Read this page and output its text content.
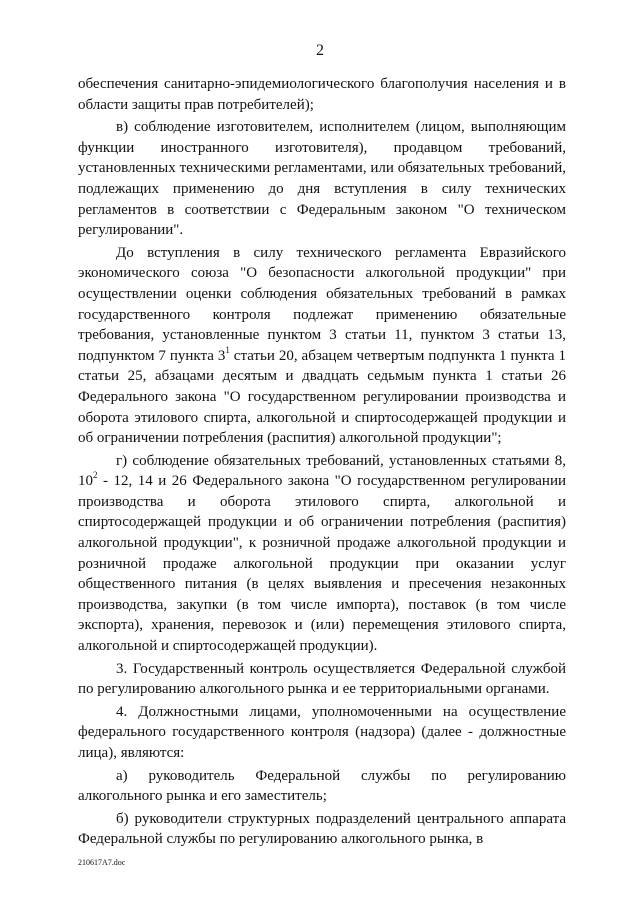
2

обеспечения санитарно-эпидемиологического благополучия населения и в области защиты прав потребителей);

в) соблюдение изготовителем, исполнителем (лицом, выполняющим функции иностранного изготовителя), продавцом требований, установленных техническими регламентами, или обязательных требований, подлежащих применению до дня вступления в силу технических регламентов в соответствии с Федеральным законом "О техническом регулировании".

До вступления в силу технического регламента Евразийского экономического союза "О безопасности алкогольной продукции" при осуществлении оценки соблюдения обязательных требований в рамках государственного контроля подлежат применению обязательные требования, установленные пунктом 3 статьи 11, пунктом 3 статьи 13, подпунктом 7 пункта $3^1$ статьи 20, абзацем четвертым подпункта 1 пункта 1 статьи 25, абзацами десятым и двадцать седьмым пункта 1 статьи 26 Федерального закона "О государственном регулировании производства и оборота этилового спирта, алкогольной и спиртосодержащей продукции и об ограничении потребления (распития) алкогольной продукции";

г) соблюдение обязательных требований, установленных статьями 8, $10^2 - 12$, 14 и 26 Федерального закона "О государственном регулировании производства и оборота этилового спирта, алкогольной и спиртосодержащей продукции и об ограничении потребления (распития) алкогольной продукции", к розничной продаже алкогольной продукции и розничной продаже алкогольной продукции при оказании услуг общественного питания (в целях выявления и пресечения незаконных производства, закупки (в том числе импорта), поставок (в том числе экспорта), хранения, перевозок и (или) перемещения этилового спирта, алкогольной и спиртосодержащей продукции).

3. Государственный контроль осуществляется Федеральной службой по регулированию алкогольного рынка и ее территориальными органами.

4. Должностными лицами, уполномоченными на осуществление федерального государственного контроля (надзора) (далее - должностные лица), являются:

а) руководитель Федеральной службы по регулированию алкогольного рынка и его заместитель;

б) руководители структурных подразделений центрального аппарата Федеральной службы по регулированию алкогольного рынка, в

210617A7.doc
